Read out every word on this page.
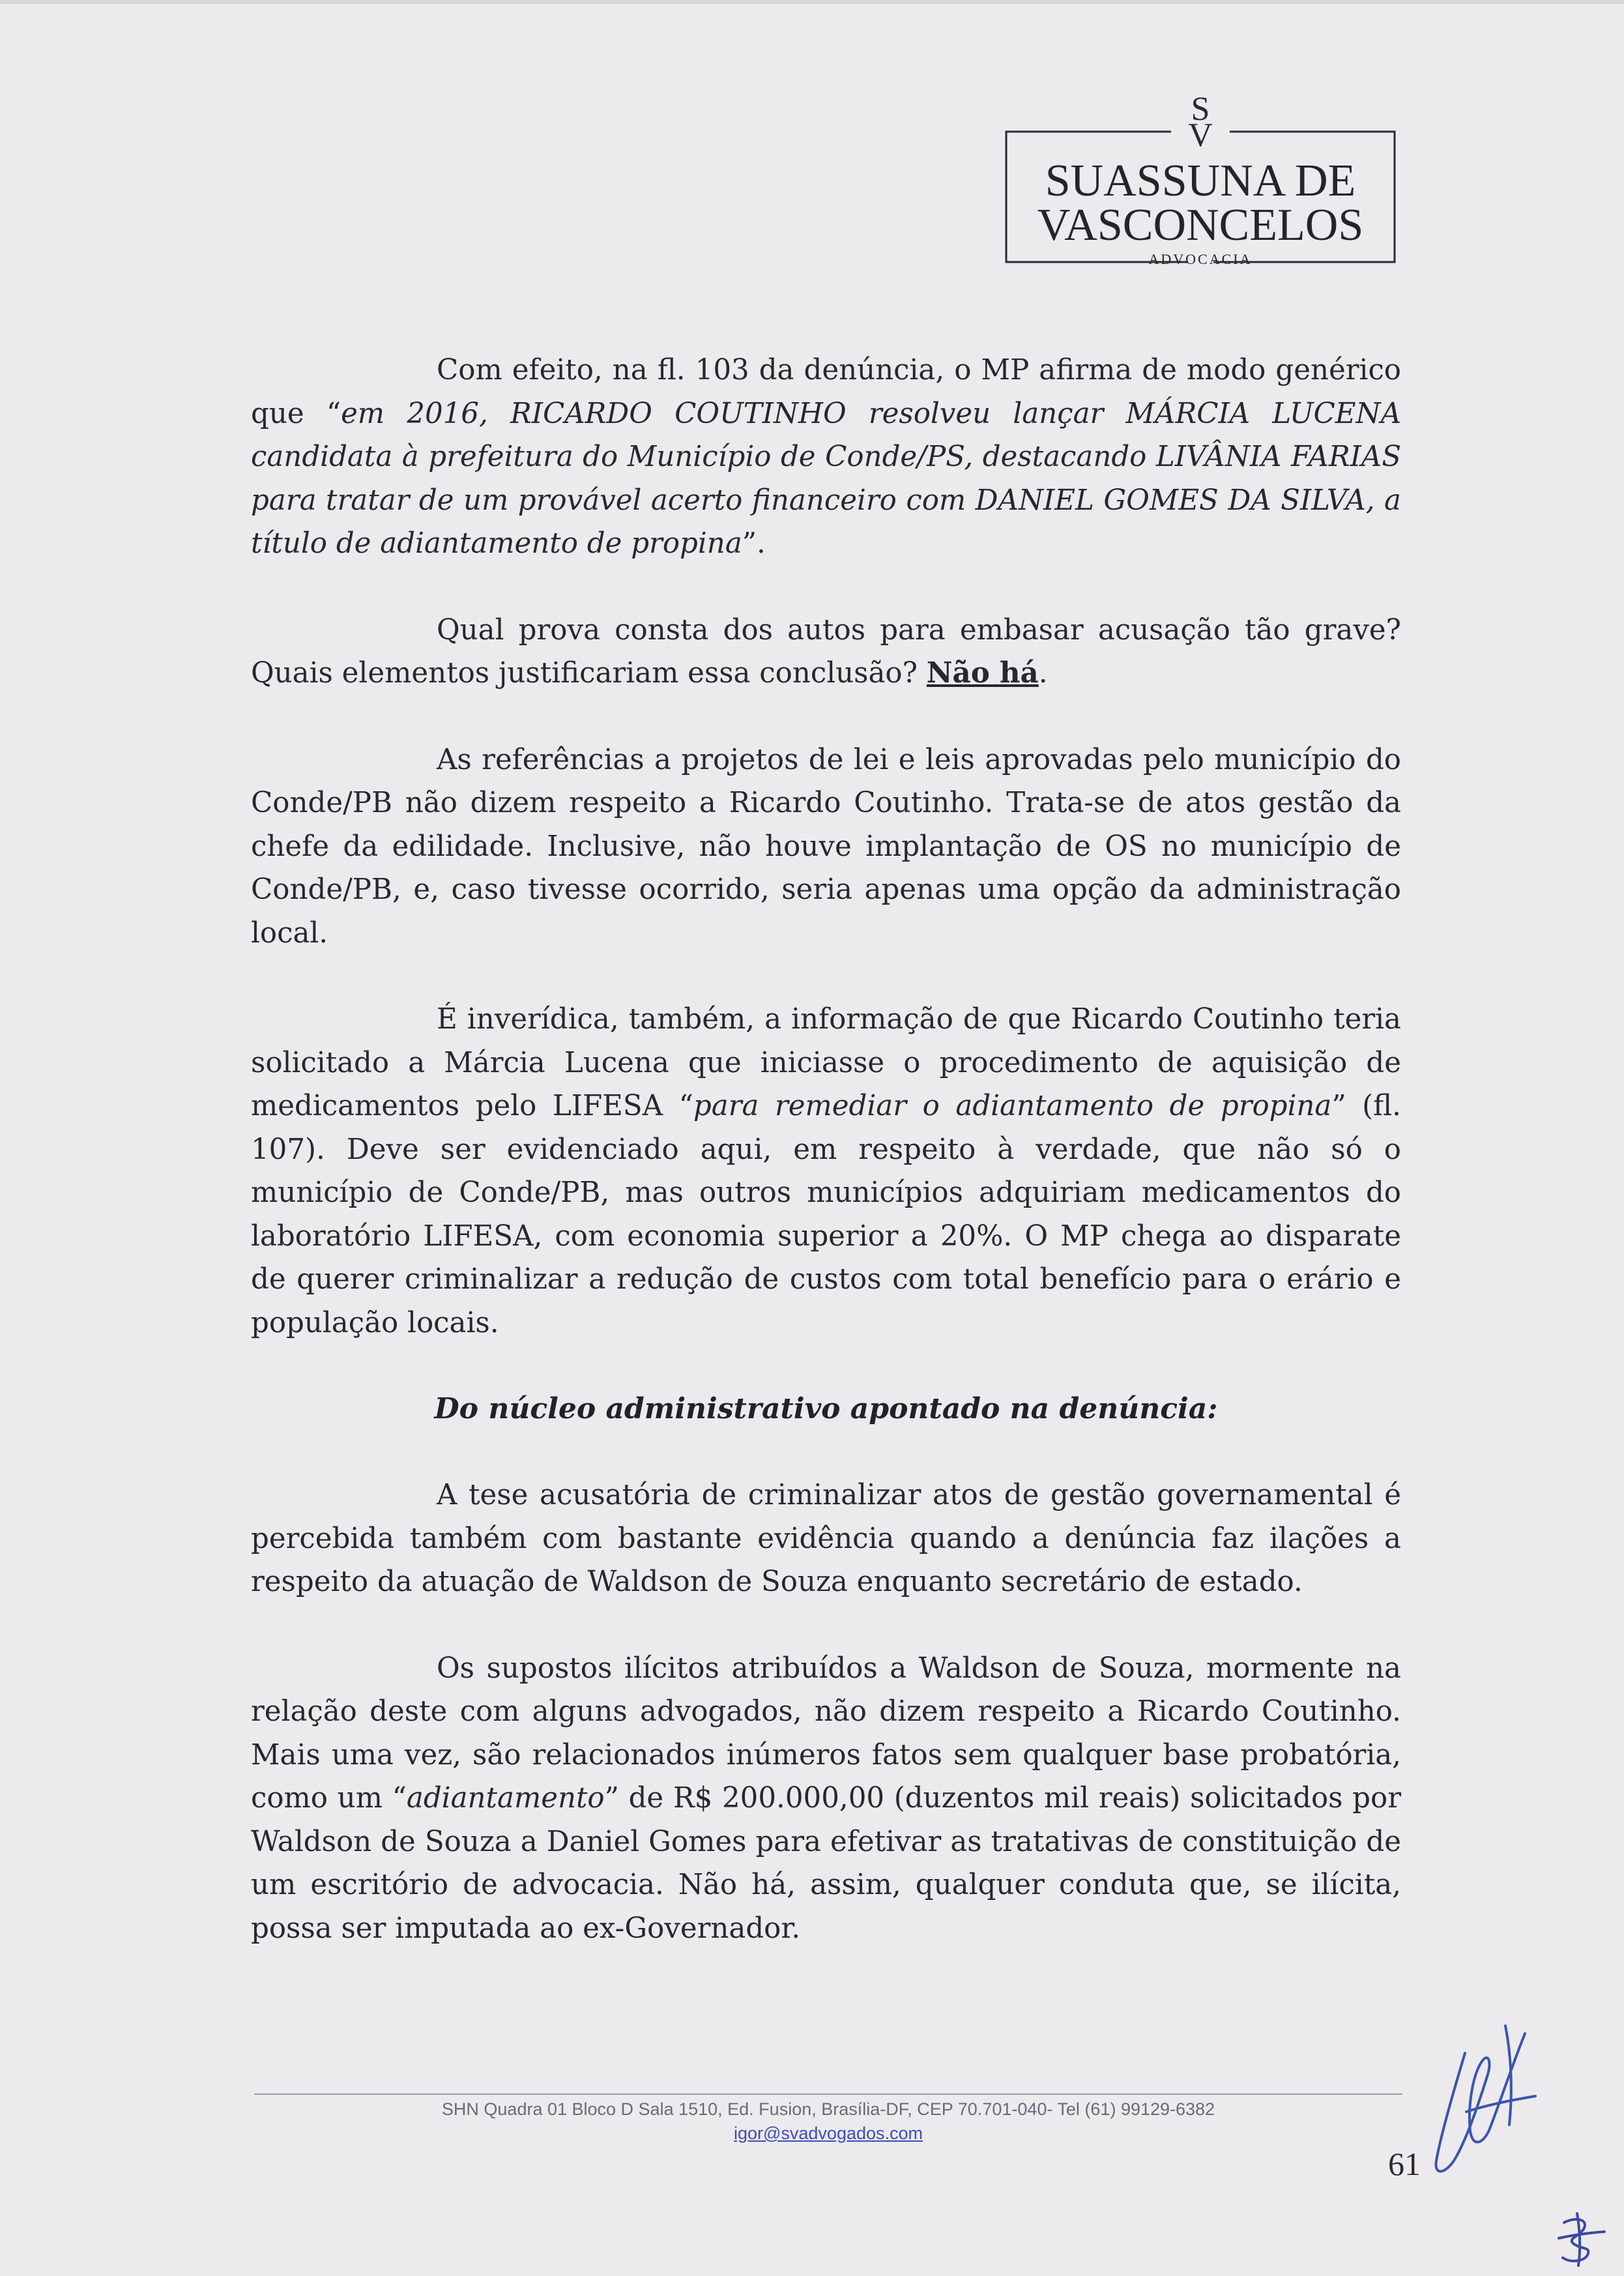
S
V
SUASSUNA DE
VASCONCELOS
ADVOCACIA

Com efeito, na fl. 103 da denúncia, o MP afirma de modo genérico que “em 2016, RICARDO COUTINHO resolveu lançar MÁRCIA LUCENA candidata à prefeitura do Município de Conde/PS, destacando LIVÂNIA FARIAS para tratar de um provável acerto financeiro com DANIEL GOMES DA SILVA, a título de adiantamento de propina”.

Qual prova consta dos autos para embasar acusação tão grave? Quais elementos justificariam essa conclusão? Não há.

As referências a projetos de lei e leis aprovadas pelo município do Conde/PB não dizem respeito a Ricardo Coutinho. Trata-se de atos gestão da chefe da edilidade. Inclusive, não houve implantação de OS no município de Conde/PB, e, caso tivesse ocorrido, seria apenas uma opção da administração local.

É inverídica, também, a informação de que Ricardo Coutinho teria solicitado a Márcia Lucena que iniciasse o procedimento de aquisição de medicamentos pelo LIFESA “para remediar o adiantamento de propina” (fl. 107). Deve ser evidenciado aqui, em respeito à verdade, que não só o município de Conde/PB, mas outros municípios adquiriam medicamentos do laboratório LIFESA, com economia superior a 20%. O MP chega ao disparate de querer criminalizar a redução de custos com total benefício para o erário e população locais.

Do núcleo administrativo apontado na denúncia:

A tese acusatória de criminalizar atos de gestão governamental é percebida também com bastante evidência quando a denúncia faz ilações a respeito da atuação de Waldson de Souza enquanto secretário de estado.

Os supostos ilícitos atribuídos a Waldson de Souza, mormente na relação deste com alguns advogados, não dizem respeito a Ricardo Coutinho. Mais uma vez, são relacionados inúmeros fatos sem qualquer base probatória, como um “adiantamento” de R$ 200.000,00 (duzentos mil reais) solicitados por Waldson de Souza a Daniel Gomes para efetivar as tratativas de constituição de um escritório de advocacia. Não há, assim, qualquer conduta que, se ilícita, possa ser imputada ao ex-Governador.

SHN Quadra 01 Bloco D Sala 1510, Ed. Fusion, Brasília-DF, CEP 70.701-040- Tel (61) 99129-6382
igor@svadvogados.com
61
